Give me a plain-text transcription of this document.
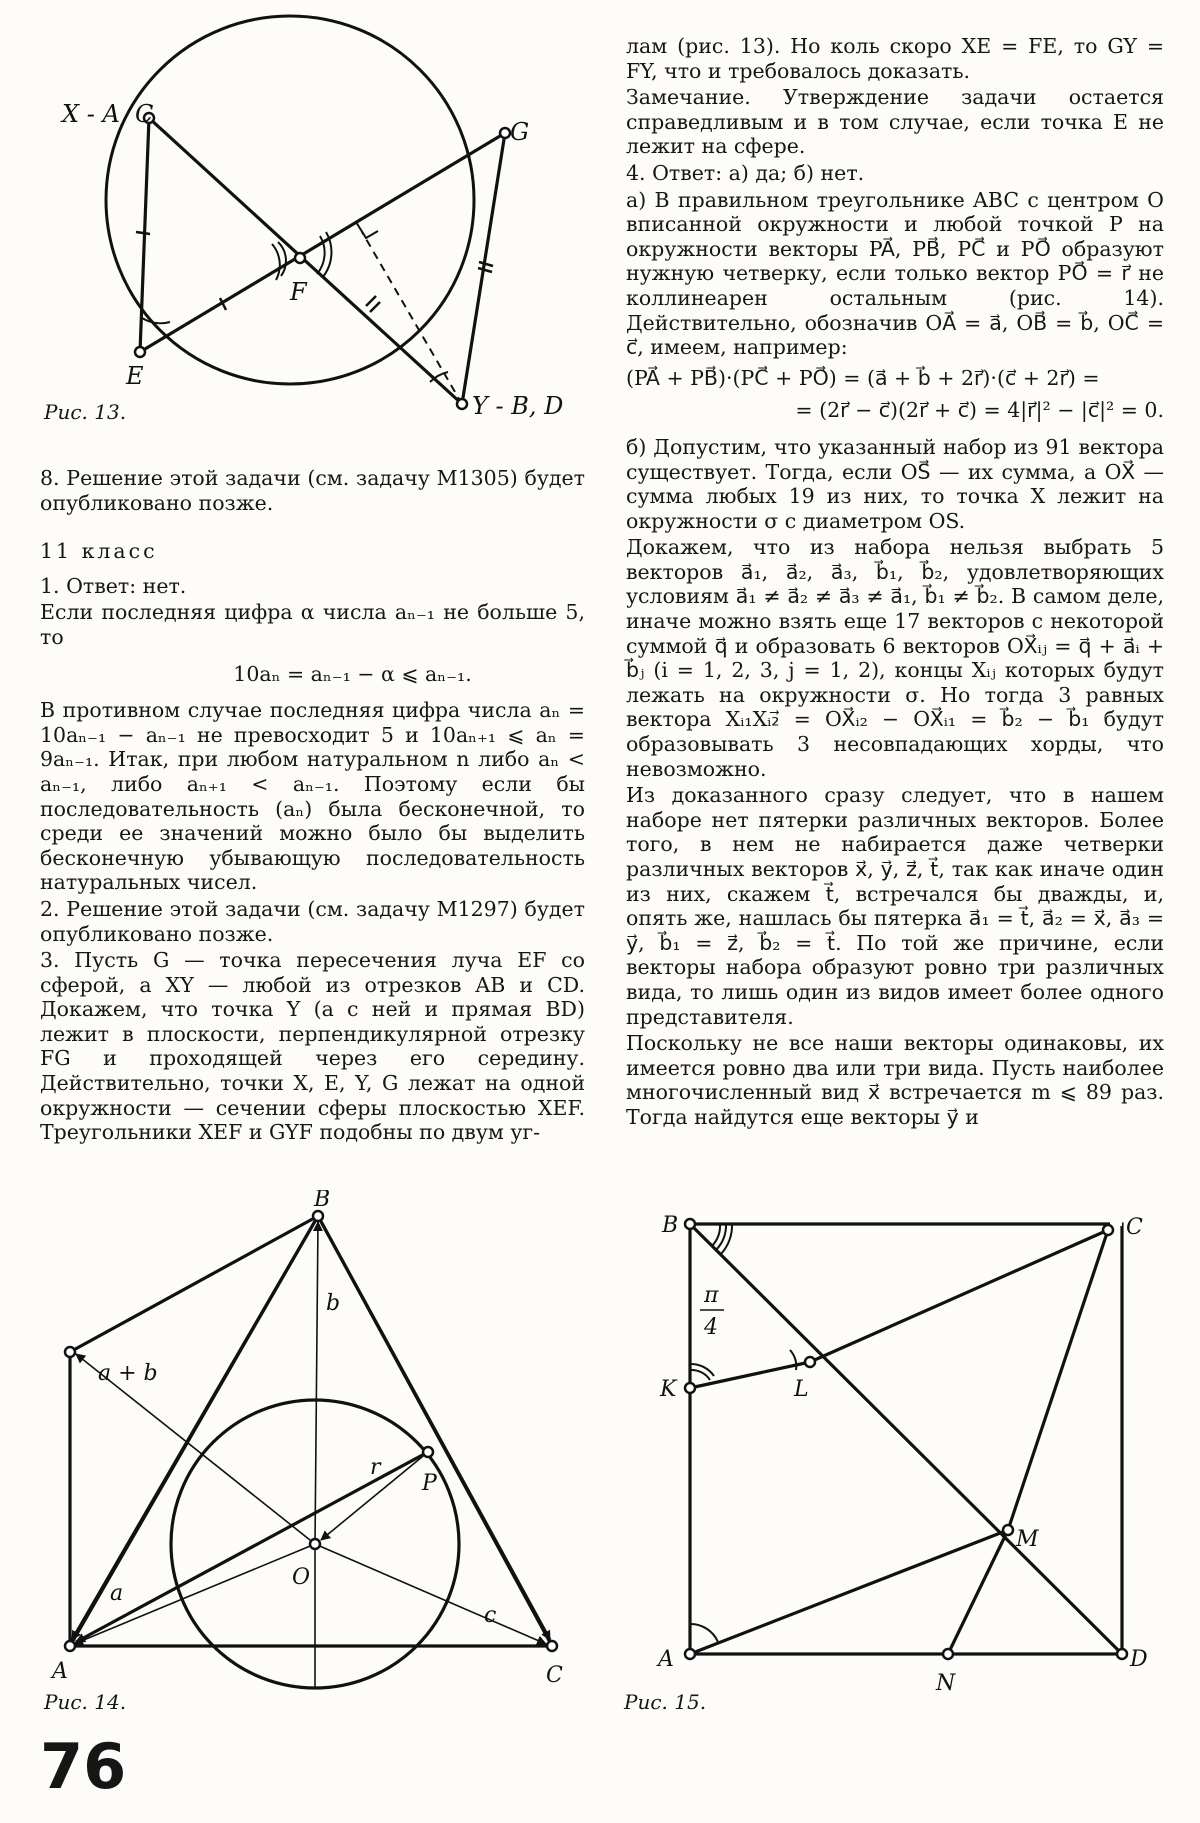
X - A, C
G
F
E
Y - B, D
Рис. 13.

8. Решение этой задачи (см. задачу М1305) будет опубликовано позже.

11 класс

1. Ответ: нет.

Если последняя цифра α числа aₙ₋₁ не больше 5, то

10aₙ = aₙ₋₁ − α ⩽ aₙ₋₁.

В противном случае последняя цифра числа aₙ = 10aₙ₋₁ − aₙ₋₁ не превосходит 5 и 10aₙ₊₁ ⩽ aₙ = 9aₙ₋₁. Итак, при любом натуральном n либо aₙ < aₙ₋₁, либо aₙ₊₁ < aₙ₋₁. Поэтому если бы последовательность (aₙ) была бесконечной, то среди ее значений можно было бы выделить бесконечную убывающую последовательность натуральных чисел.

2. Решение этой задачи (см. задачу М1297) будет опубликовано позже.

3. Пусть G — точка пересечения луча EF со сферой, а XY — любой из отрезков AB и CD. Докажем, что точка Y (а с ней и прямая BD) лежит в плоскости, перпендикулярной отрезку FG и проходящей через его середину. Действительно, точки X, E, Y, G лежат на одной окружности — сечении сферы плоскостью XEF. Треугольники XEF и GYF подобны по двум уг-

лам (рис. 13). Но коль скоро XE = FE, то GY = FY, что и требовалось доказать.

Замечание. Утверждение задачи остается справедливым и в том случае, если точка E не лежит на сфере.

4. Ответ: а) да; б) нет.

а) В правильном треугольнике ABC с центром O вписанной окружности и любой точкой P на окружности векторы PA⃗, PB⃗, PC⃗ и PO⃗ образуют нужную четверку, если только вектор PO⃗ = r⃗ не коллинеарен остальным (рис. 14). Действительно, обозначив OA⃗ = a⃗, OB⃗ = b⃗, OC⃗ = c⃗, имеем, например:

(PA⃗ + PB⃗)·(PC⃗ + PO⃗) = (a⃗ + b⃗ + 2r⃗)·(c⃗ + 2r⃗) =

= (2r⃗ − c⃗)(2r⃗ + c⃗) = 4|r⃗|² − |c⃗|² = 0.

б) Допустим, что указанный набор из 91 вектора существует. Тогда, если OS⃗ — их сумма, а OX⃗ — сумма любых 19 из них, то точка X лежит на окружности σ с диаметром OS.

Докажем, что из набора нельзя выбрать 5 векторов a⃗₁, a⃗₂, a⃗₃, b⃗₁, b⃗₂, удовлетворяющих условиям a⃗₁ ≠ a⃗₂ ≠ a⃗₃ ≠ a⃗₁, b⃗₁ ≠ b⃗₂. В самом деле, иначе можно взять еще 17 векторов с некоторой суммой q⃗ и образовать 6 векторов OX⃗ᵢⱼ = q⃗ + a⃗ᵢ + b⃗ⱼ (i = 1, 2, 3, j = 1, 2), концы Xᵢⱼ которых будут лежать на окружности σ. Но тогда 3 равных вектора Xᵢ₁Xᵢ₂⃗ = OX⃗ᵢ₂ − OX⃗ᵢ₁ = b⃗₂ − b⃗₁ будут образовывать 3 несовпадающих хорды, что невозможно.

Из доказанного сразу следует, что в нашем наборе нет пятерки различных векторов. Более того, в нем не набирается даже четверки различных векторов x⃗, y⃗, z⃗, t⃗, так как иначе один из них, скажем t⃗, встречался бы дважды, и, опять же, нашлась бы пятерка a⃗₁ = t⃗, a⃗₂ = x⃗, a⃗₃ = y⃗, b⃗₁ = z⃗, b⃗₂ = t⃗. По той же причине, если векторы набора образуют ровно три различных вида, то лишь один из видов имеет более одного представителя.

Поскольку не все наши векторы одинаковы, их имеется ровно два или три вида. Пусть наиболее многочисленный вид x⃗ встречается m ⩽ 89 раз. Тогда найдутся еще векторы y⃗ и

A
B
C
O
P
r
a
b
c
a + b
Рис. 14.
B	C
D
A
K	L
M
N
π
4
Рис. 15.
76
